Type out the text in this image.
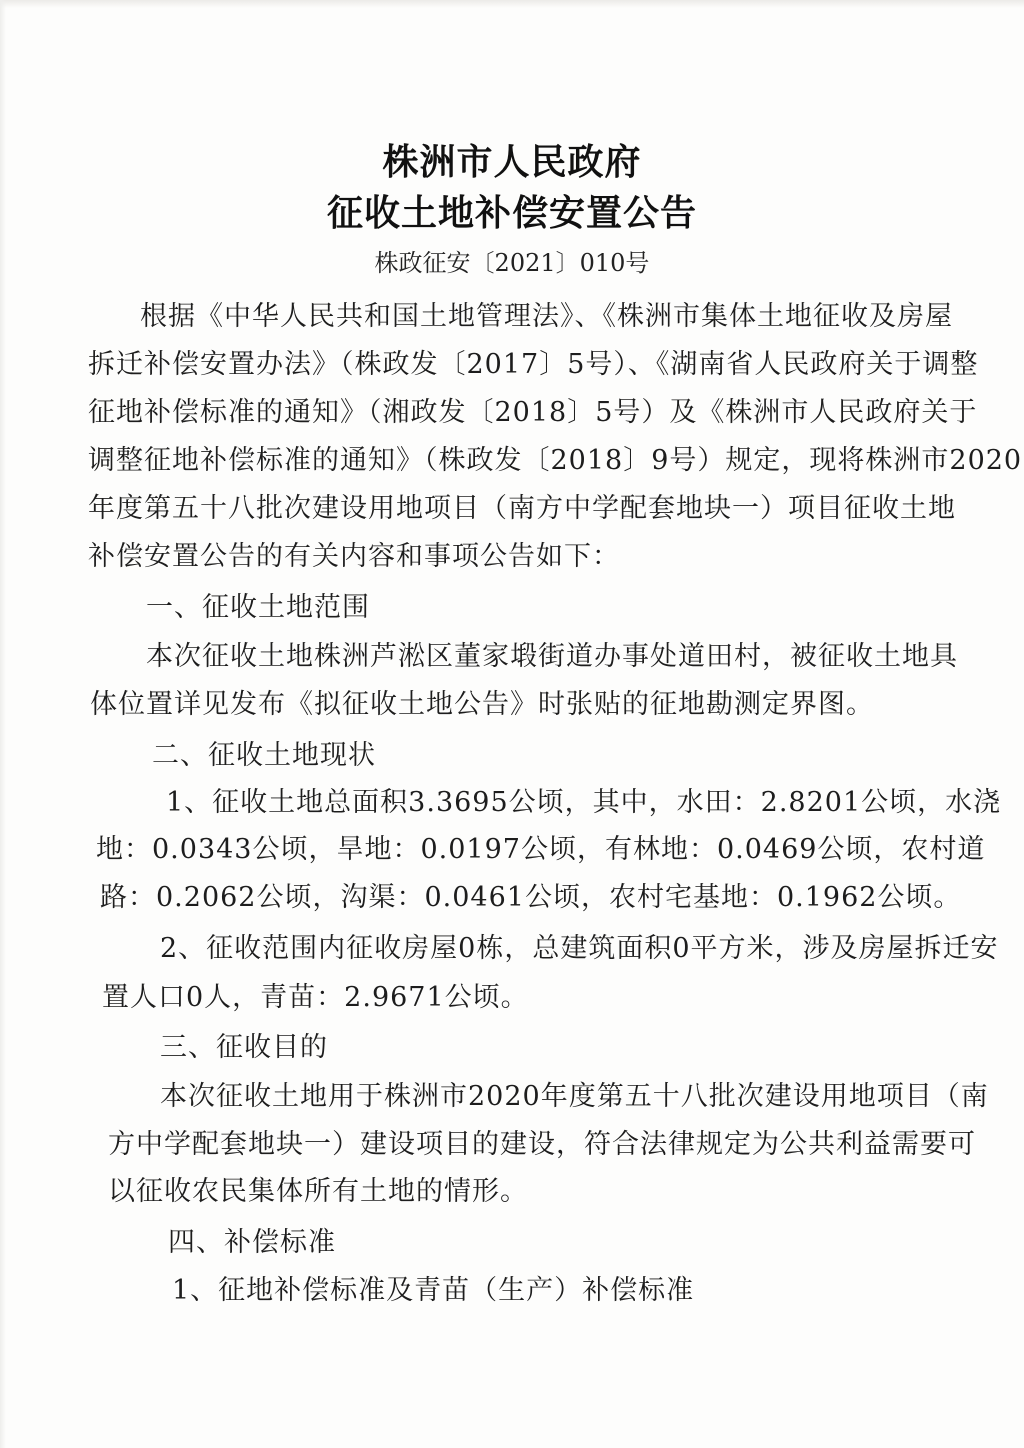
株洲市人民政府
征收土地补偿安置公告
株政征安〔2021〕010号
根据《中华人民共和国土地管理法》、《株洲市集体土地征收及房屋
拆迁补偿安置办法》（株政发〔2017〕5号）、《湖南省人民政府关于调整
征地补偿标准的通知》（湘政发〔2018〕5号）及《株洲市人民政府关于
调整征地补偿标准的通知》（株政发〔2018〕9号）规定，现将株洲市2020
年度第五十八批次建设用地项目（南方中学配套地块一）项目征收土地
补偿安置公告的有关内容和事项公告如下：
一、征收土地范围
本次征收土地株洲芦淞区董家塅街道办事处道田村，被征收土地具
体位置详见发布《拟征收土地公告》时张贴的征地勘测定界图。
二、征收土地现状
1、征收土地总面积3.3695公顷，其中，水田：2.8201公顷，水浇
地：0.0343公顷，旱地：0.0197公顷，有林地：0.0469公顷，农村道
路：0.2062公顷，沟渠：0.0461公顷，农村宅基地：0.1962公顷。
2、征收范围内征收房屋0栋，总建筑面积0平方米，涉及房屋拆迁安
置人口0人，青苗：2.9671公顷。
三、征收目的
本次征收土地用于株洲市2020年度第五十八批次建设用地项目（南
方中学配套地块一）建设项目的建设，符合法律规定为公共利益需要可
以征收农民集体所有土地的情形。
四、补偿标准
1、征地补偿标准及青苗（生产）补偿标准
